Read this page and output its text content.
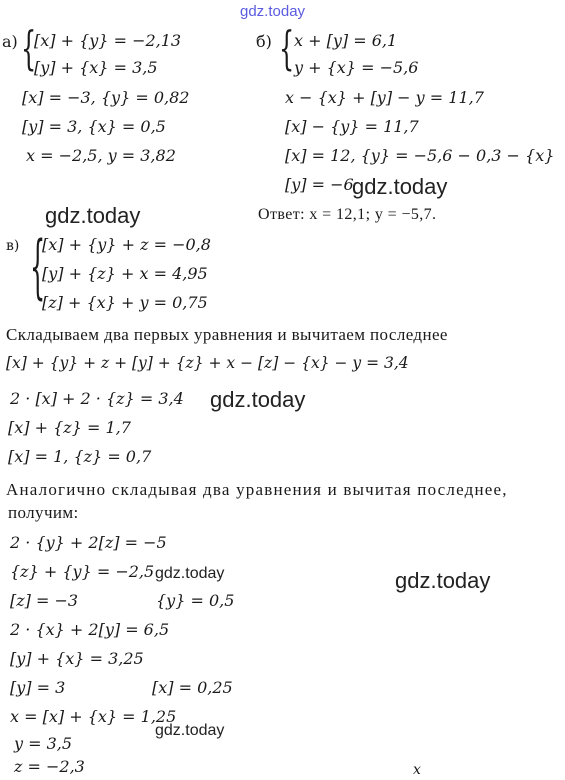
gdz.today
gdz.today
gdz.today
gdz.today
gdz.today
gdz.today
gdz.today
а) {
[x] + {y} = −2,13
[y] + {x} = 3,5
[x] = −3, {y} = 0,82
[y] = 3, {x} = 0,5
x = −2,5, y = 3,82
б) { x + [y] = 6,1
y + {x} = −5,6
x − {x} + [y] − y = 11,7
[x] − {y} = 11,7
[x] = 12, {y} = −5,6 − 0,3 − {x}
[y] = −6
Ответ: x = 12,1; y = −5,7.
в) {
[x] + {y} + z = −0,8
[y] + {z} + x = 4,95
[z] + {x} + y = 0,75
Складываем два первых уравнения и вычитаем последнее
[x] + {y} + z + [y] + {z} + x − [z] − {x} − y = 3,4
2 · [x] + 2 · {z} = 3,4
[x] + {z} = 1,7
[x] = 1, {z} = 0,7
Аналогично складывая два уравнения и вычитая последнее,
получим:
2 · {y} + 2[z] = −5
{z} + {y} = −2,5
[z] = −3	{y} = 0,5
2 · {x} + 2[y] = 6,5
[y] + {x} = 3,25
[y] = 3	[x] = 0,25
x = [x] + {x} = 1,25
y = 3,5
z = −2,3	x
